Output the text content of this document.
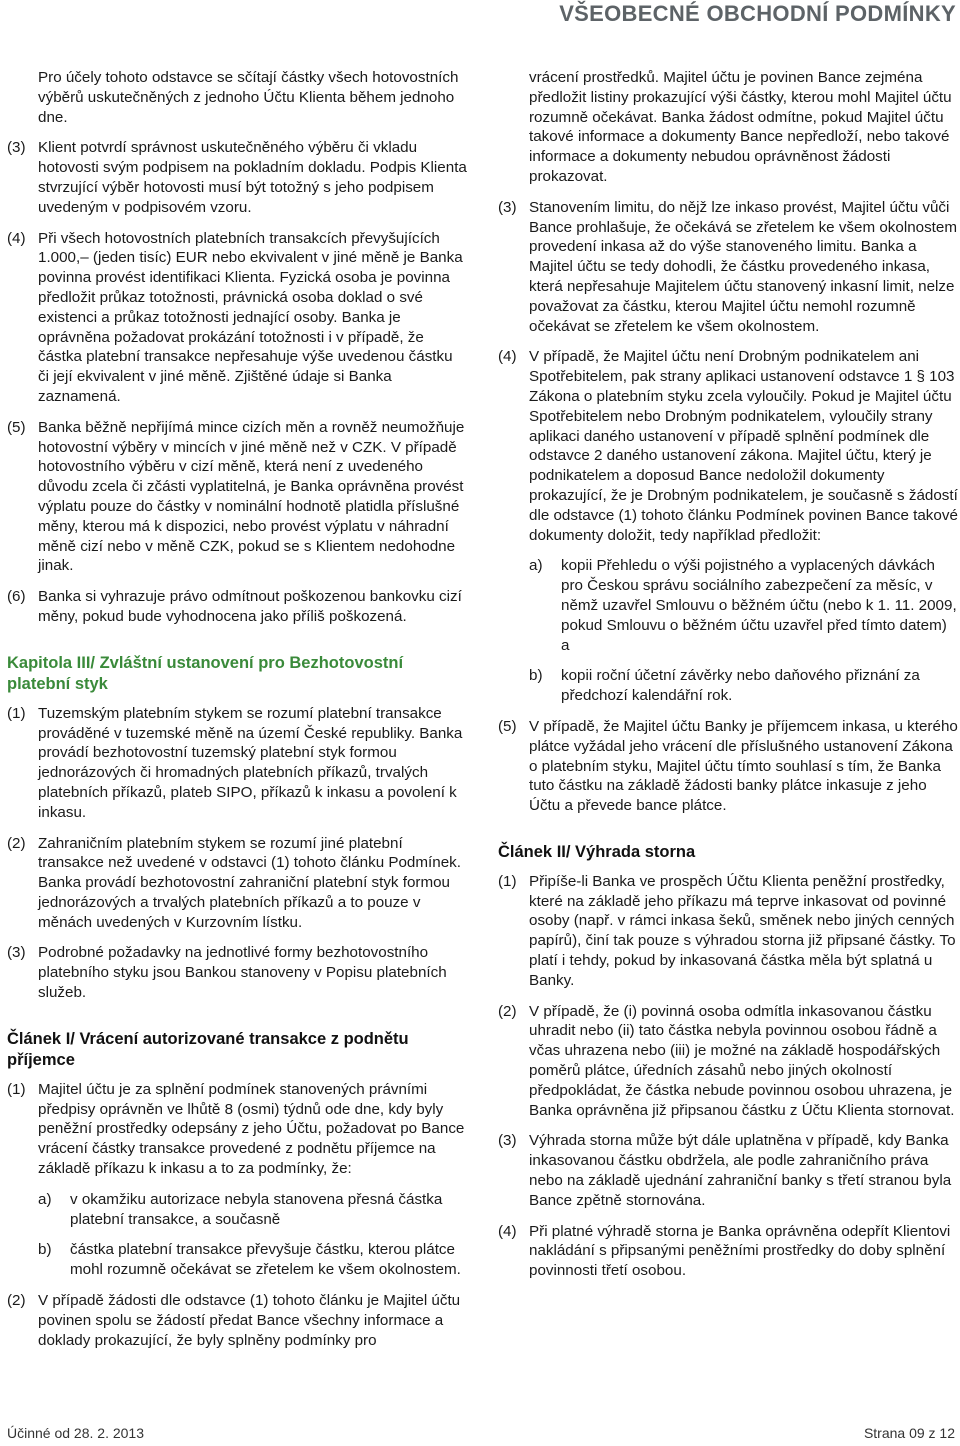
VŠEOBECNÉ OBCHODNÍ PODMÍNKY

Pro účely tohoto odstavce se sčítají částky všech hotovostních výběrů uskutečněných z jednoho Účtu Klienta během jednoho dne.

(3) Klient potvrdí správnost uskutečněného výběru či vkladu hotovosti svým podpisem na pokladním dokladu. Podpis Klienta stvrzující výběr hotovosti musí být totožný s jeho podpisem uvedeným v podpisovém vzoru.
(4) Při všech hotovostních platebních transakcích převyšujících 1.000,– (jeden tisíc) EUR nebo ekvivalent v jiné měně je Banka povinna provést identifikaci Klienta. Fyzická osoba je povinna předložit průkaz totožnosti, právnická osoba doklad o své existenci a průkaz totožnosti jednající osoby. Banka je oprávněna požadovat prokázání totožnosti i v případě, že částka platební transakce nepřesahuje výše uvedenou částku či její ekvivalent v jiné měně. Zjištěné údaje si Banka zaznamená.
(5) Banka běžně nepřijímá mince cizích měn a rovněž neumožňuje hotovostní výběry v mincích v jiné měně než v CZK. V případě hotovostního výběru v cizí měně, která není z uvedeného důvodu zcela či zčásti vyplatitelná, je Banka oprávněna provést výplatu pouze do částky v nominální hodnotě platidla příslušné měny, kterou má k dispozici, nebo provést výplatu v náhradní měně cizí nebo v měně CZK, pokud se s Klientem nedohodne jinak.
(6) Banka si vyhrazuje právo odmítnout poškozenou bankovku cizí měny, pokud bude vyhodnocena jako příliš poškozená.
Kapitola III/ Zvláštní ustanovení pro Bezhotovostní platební styk
(1) Tuzemským platebním stykem se rozumí platební transakce prováděné v tuzemské měně na území České republiky. Banka provádí bezhotovostní tuzemský platební styk formou jednorázových či hromadných platebních příkazů, trvalých platebních příkazů, plateb SIPO, příkazů k inkasu a povolení k inkasu.
(2) Zahraničním platebním stykem se rozumí jiné platební transakce než uvedené v odstavci (1) tohoto článku Podmínek. Banka provádí bezhotovostní zahraniční platební styk formou jednorázových a trvalých platebních příkazů a to pouze v měnách uvedených v Kurzovním lístku.
(3) Podrobné požadavky na jednotlivé formy bezhotovostního platebního styku jsou Bankou stanoveny v Popisu platebních služeb.
Článek I/ Vrácení autorizované transakce z podnětu příjemce
(1) Majitel účtu je za splnění podmínek stanovených právními předpisy oprávněn ve lhůtě 8 (osmi) týdnů ode dne, kdy byly peněžní prostředky odepsány z jeho Účtu, požadovat po Bance vrácení částky transakce provedené z podnětu příjemce na základě příkazu k inkasu a to za podmínky, že:
a) v okamžiku autorizace nebyla stanovena přesná částka platební transakce, a současně
b) částka platební transakce převyšuje částku, kterou plátce mohl rozumně očekávat se zřetelem ke všem okolnostem.
(2) V případě žádosti dle odstavce (1) tohoto článku je Majitel účtu povinen spolu se žádostí předat Bance všechny informace a doklady prokazující, že byly splněny podmínky pro

vrácení prostředků. Majitel účtu je povinen Bance zejména předložit listiny prokazující výši částky, kterou mohl Majitel účtu rozumně očekávat. Banka žádost odmítne, pokud Majitel účtu takové informace a dokumenty Bance nepředloží, nebo takové informace a dokumenty nebudou oprávněnost žádosti prokazovat.

(3) Stanovením limitu, do nějž lze inkaso provést, Majitel účtu vůči Bance prohlašuje, že očekává se zřetelem ke všem okolnostem provedení inkasa až do výše stanoveného limitu. Banka a Majitel účtu se tedy dohodli, že částku provedeného inkasa, která nepřesahuje Majitelem účtu stanovený inkasní limit, nelze považovat za částku, kterou Majitel účtu nemohl rozumně očekávat se zřetelem ke všem okolnostem.
(4) V případě, že Majitel účtu není Drobným podnikatelem ani Spotřebitelem, pak strany aplikaci ustanovení odstavce 1 § 103 Zákona o platebním styku zcela vyloučily. Pokud je Majitel účtu Spotřebitelem nebo Drobným podnikatelem, vyloučily strany aplikaci daného ustanovení v případě splnění podmínek dle odstavce 2 daného ustanovení zákona. Majitel účtu, který je podnikatelem a doposud Bance nedoložil dokumenty prokazující, že je Drobným podnikatelem, je současně s žádostí dle odstavce (1) tohoto článku Podmínek povinen Bance takové dokumenty doložit, tedy například předložit:
a) kopii Přehledu o výši pojistného a vyplacených dávkách pro Českou správu sociálního zabezpečení za měsíc, v němž uzavřel Smlouvu o běžném účtu (nebo k 1. 11. 2009, pokud Smlouvu o běžném účtu uzavřel před tímto datem) a
b) kopii roční účetní závěrky nebo daňového přiznání za předchozí kalendářní rok.
(5) V případě, že Majitel účtu Banky je příjemcem inkasa, u kterého plátce vyžádal jeho vrácení dle příslušného ustanovení Zákona o platebním styku, Majitel účtu tímto souhlasí s tím, že Banka tuto částku na základě žádosti banky plátce inkasuje z jeho Účtu a převede bance plátce.
Článek II/ Výhrada storna
(1) Připíše-li Banka ve prospěch Účtu Klienta peněžní prostředky, které na základě jeho příkazu má teprve inkasovat od povinné osoby (např. v rámci inkasa šeků, směnek nebo jiných cenných papírů), činí tak pouze s výhradou storna již připsané částky. To platí i tehdy, pokud by inkasovaná částka měla být splatná u Banky.
(2) V případě, že (i) povinná osoba odmítla inkasovanou částku uhradit nebo (ii) tato částka nebyla povinnou osobou řádně a včas uhrazena nebo (iii) je možné na základě hospodářských poměrů plátce, úředních zásahů nebo jiných okolností předpokládat, že částka nebude povinnou osobou uhrazena, je Banka oprávněna již připsanou částku z Účtu Klienta stornovat.
(3) Výhrada storna může být dále uplatněna v případě, kdy Banka inkasovanou částku obdržela, ale podle zahraničního práva nebo na základě ujednání zahraniční banky s třetí stranou byla Bance zpětně stornována.
(4) Při platné výhradě storna je Banka oprávněna odepřít Klientovi nakládání s připsanými peněžními prostředky do doby splnění povinnosti třetí osobou.
Účinné od 28. 2. 2013	Strana 09 z 12
